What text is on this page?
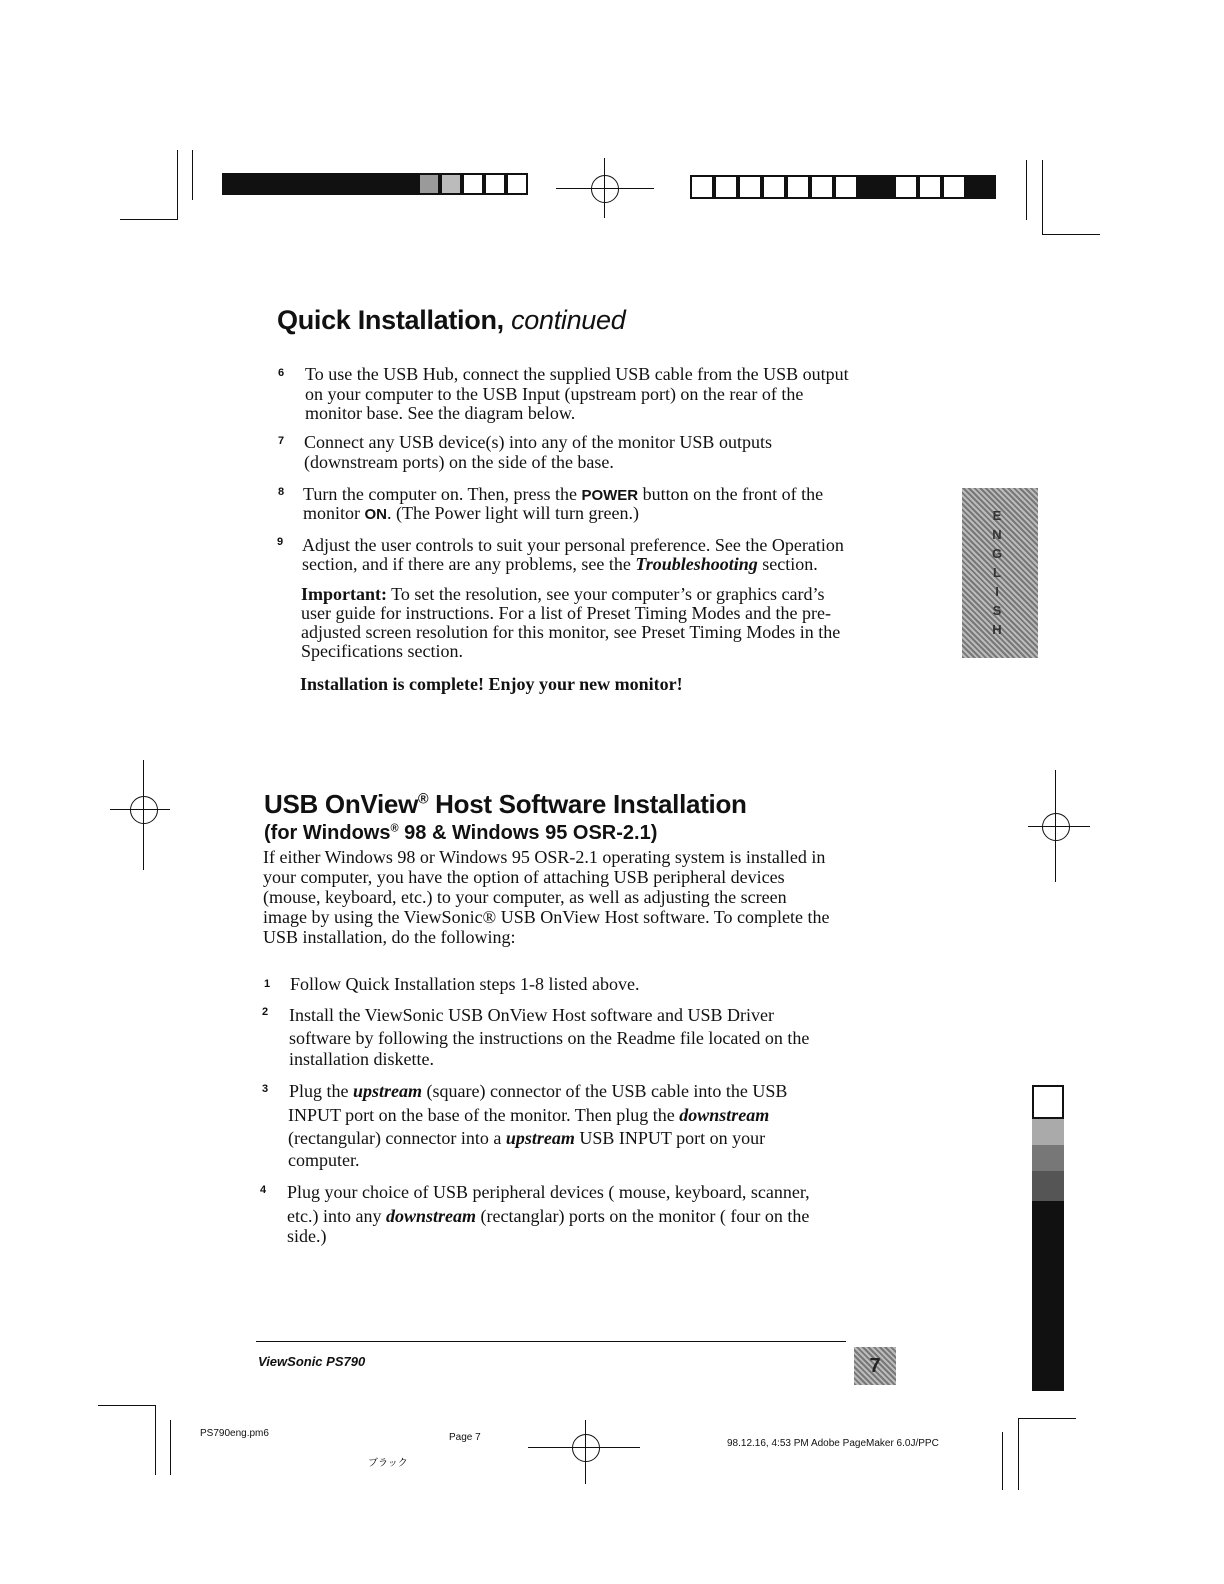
Quick Installation, continued
6 To use the USB Hub, connect the supplied USB cable from the USB output
on your computer to the USB Input (upstream port) on the rear of the
monitor base. See the diagram below.
7 Connect any USB device(s) into any of the monitor USB outputs
(downstream ports) on the side of the base.
8 Turn the computer on. Then, press the POWER button on the front of the
monitor ON. (The Power light will turn green.)
9 Adjust the user controls to suit your personal preference. See the Operation
section, and if there are any problems, see the Troubleshooting section.
Important: To set the resolution, see your computer’s or graphics card’s
user guide for instructions. For a list of Preset Timing Modes and the pre-
adjusted screen resolution for this monitor, see Preset Timing Modes in the
Specifications section.
Installation is complete! Enjoy your new monitor!
E
N
G
L
I
S
H
USB OnView® Host Software Installation
(for Windows® 98 & Windows 95 OSR-2.1)
If either Windows 98 or Windows 95 OSR-2.1 operating system is installed in
your computer, you have the option of attaching USB peripheral devices
(mouse, keyboard, etc.) to your computer, as well as adjusting the screen
image by using the ViewSonic® USB OnView Host software. To complete the
USB installation, do the following:
1 Follow Quick Installation steps 1-8 listed above.
2 Install the ViewSonic USB OnView Host software and USB Driver
software by following the instructions on the Readme file located on the
installation diskette.
3 Plug the upstream (square) connector of the USB cable into the USB
INPUT port on the base of the monitor. Then plug the downstream
(rectangular) connector into a upstream USB INPUT port on your
computer.
4 Plug your choice of USB peripheral devices ( mouse, keyboard, scanner,
etc.) into any downstream (rectanglar) ports on the monitor ( four on the
side.)
ViewSonic PS790	7
PS790eng.pm6	Page 7
ブラック
98.12.16, 4:53 PM Adobe PageMaker 6.0J/PPC
